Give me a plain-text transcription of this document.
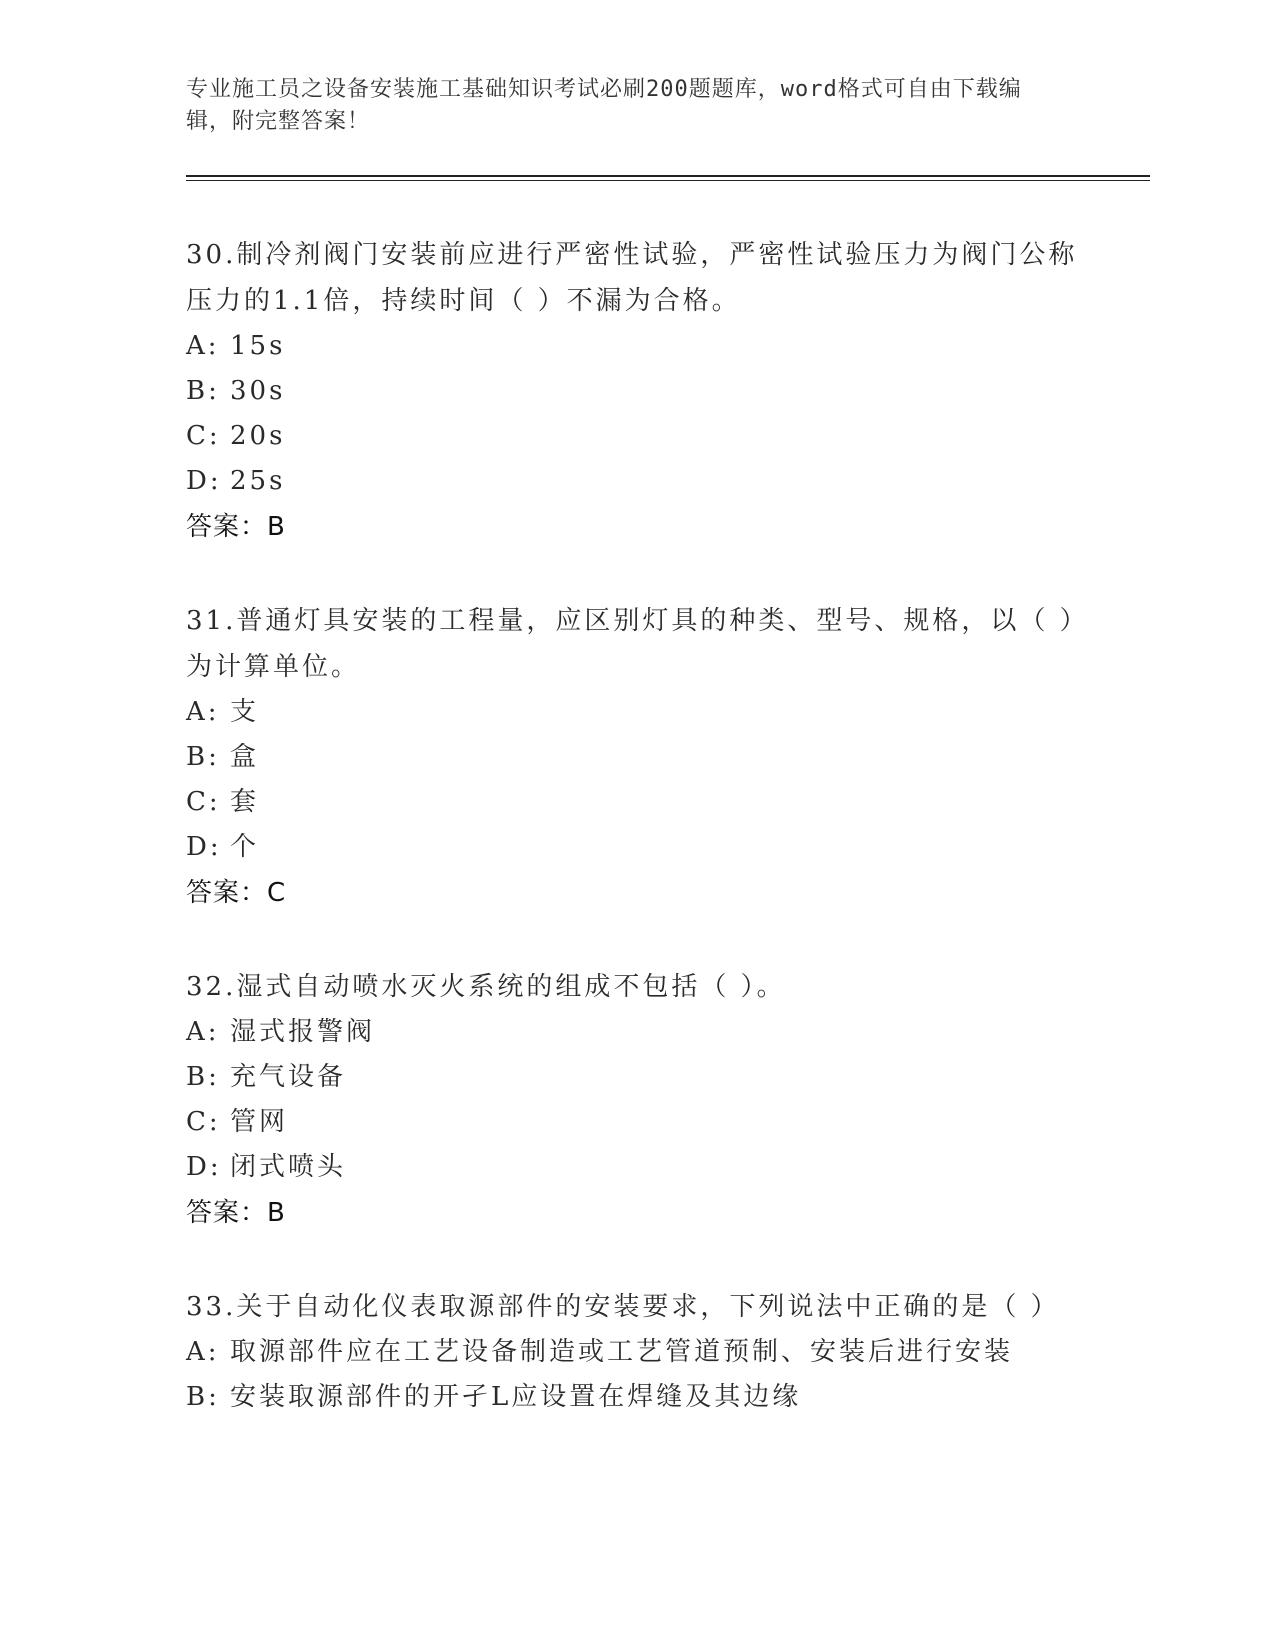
专业施工员之设备安装施工基础知识考试必刷200题题库，word格式可自由下载编辑，附完整答案！

30.制冷剂阀门安装前应进行严密性试验，严密性试验压力为阀门公称压力的1.1倍，持续时间（ ）不漏为合格。

A: 15s
B: 30s
C: 20s
D: 25s
答案：B

31.普通灯具安装的工程量，应区别灯具的种类、型号、规格，以（ ）为计算单位。

A: 支
B: 盒
C: 套
D: 个
答案：C

32.湿式自动喷水灭火系统的组成不包括（ ）。

A: 湿式报警阀
B: 充气设备
C: 管网
D: 闭式喷头
答案：B

33.关于自动化仪表取源部件的安装要求，下列说法中正确的是（ ）

A: 取源部件应在工艺设备制造或工艺管道预制、安装后进行安装
B: 安装取源部件的开孑L应设置在焊缝及其边缘
